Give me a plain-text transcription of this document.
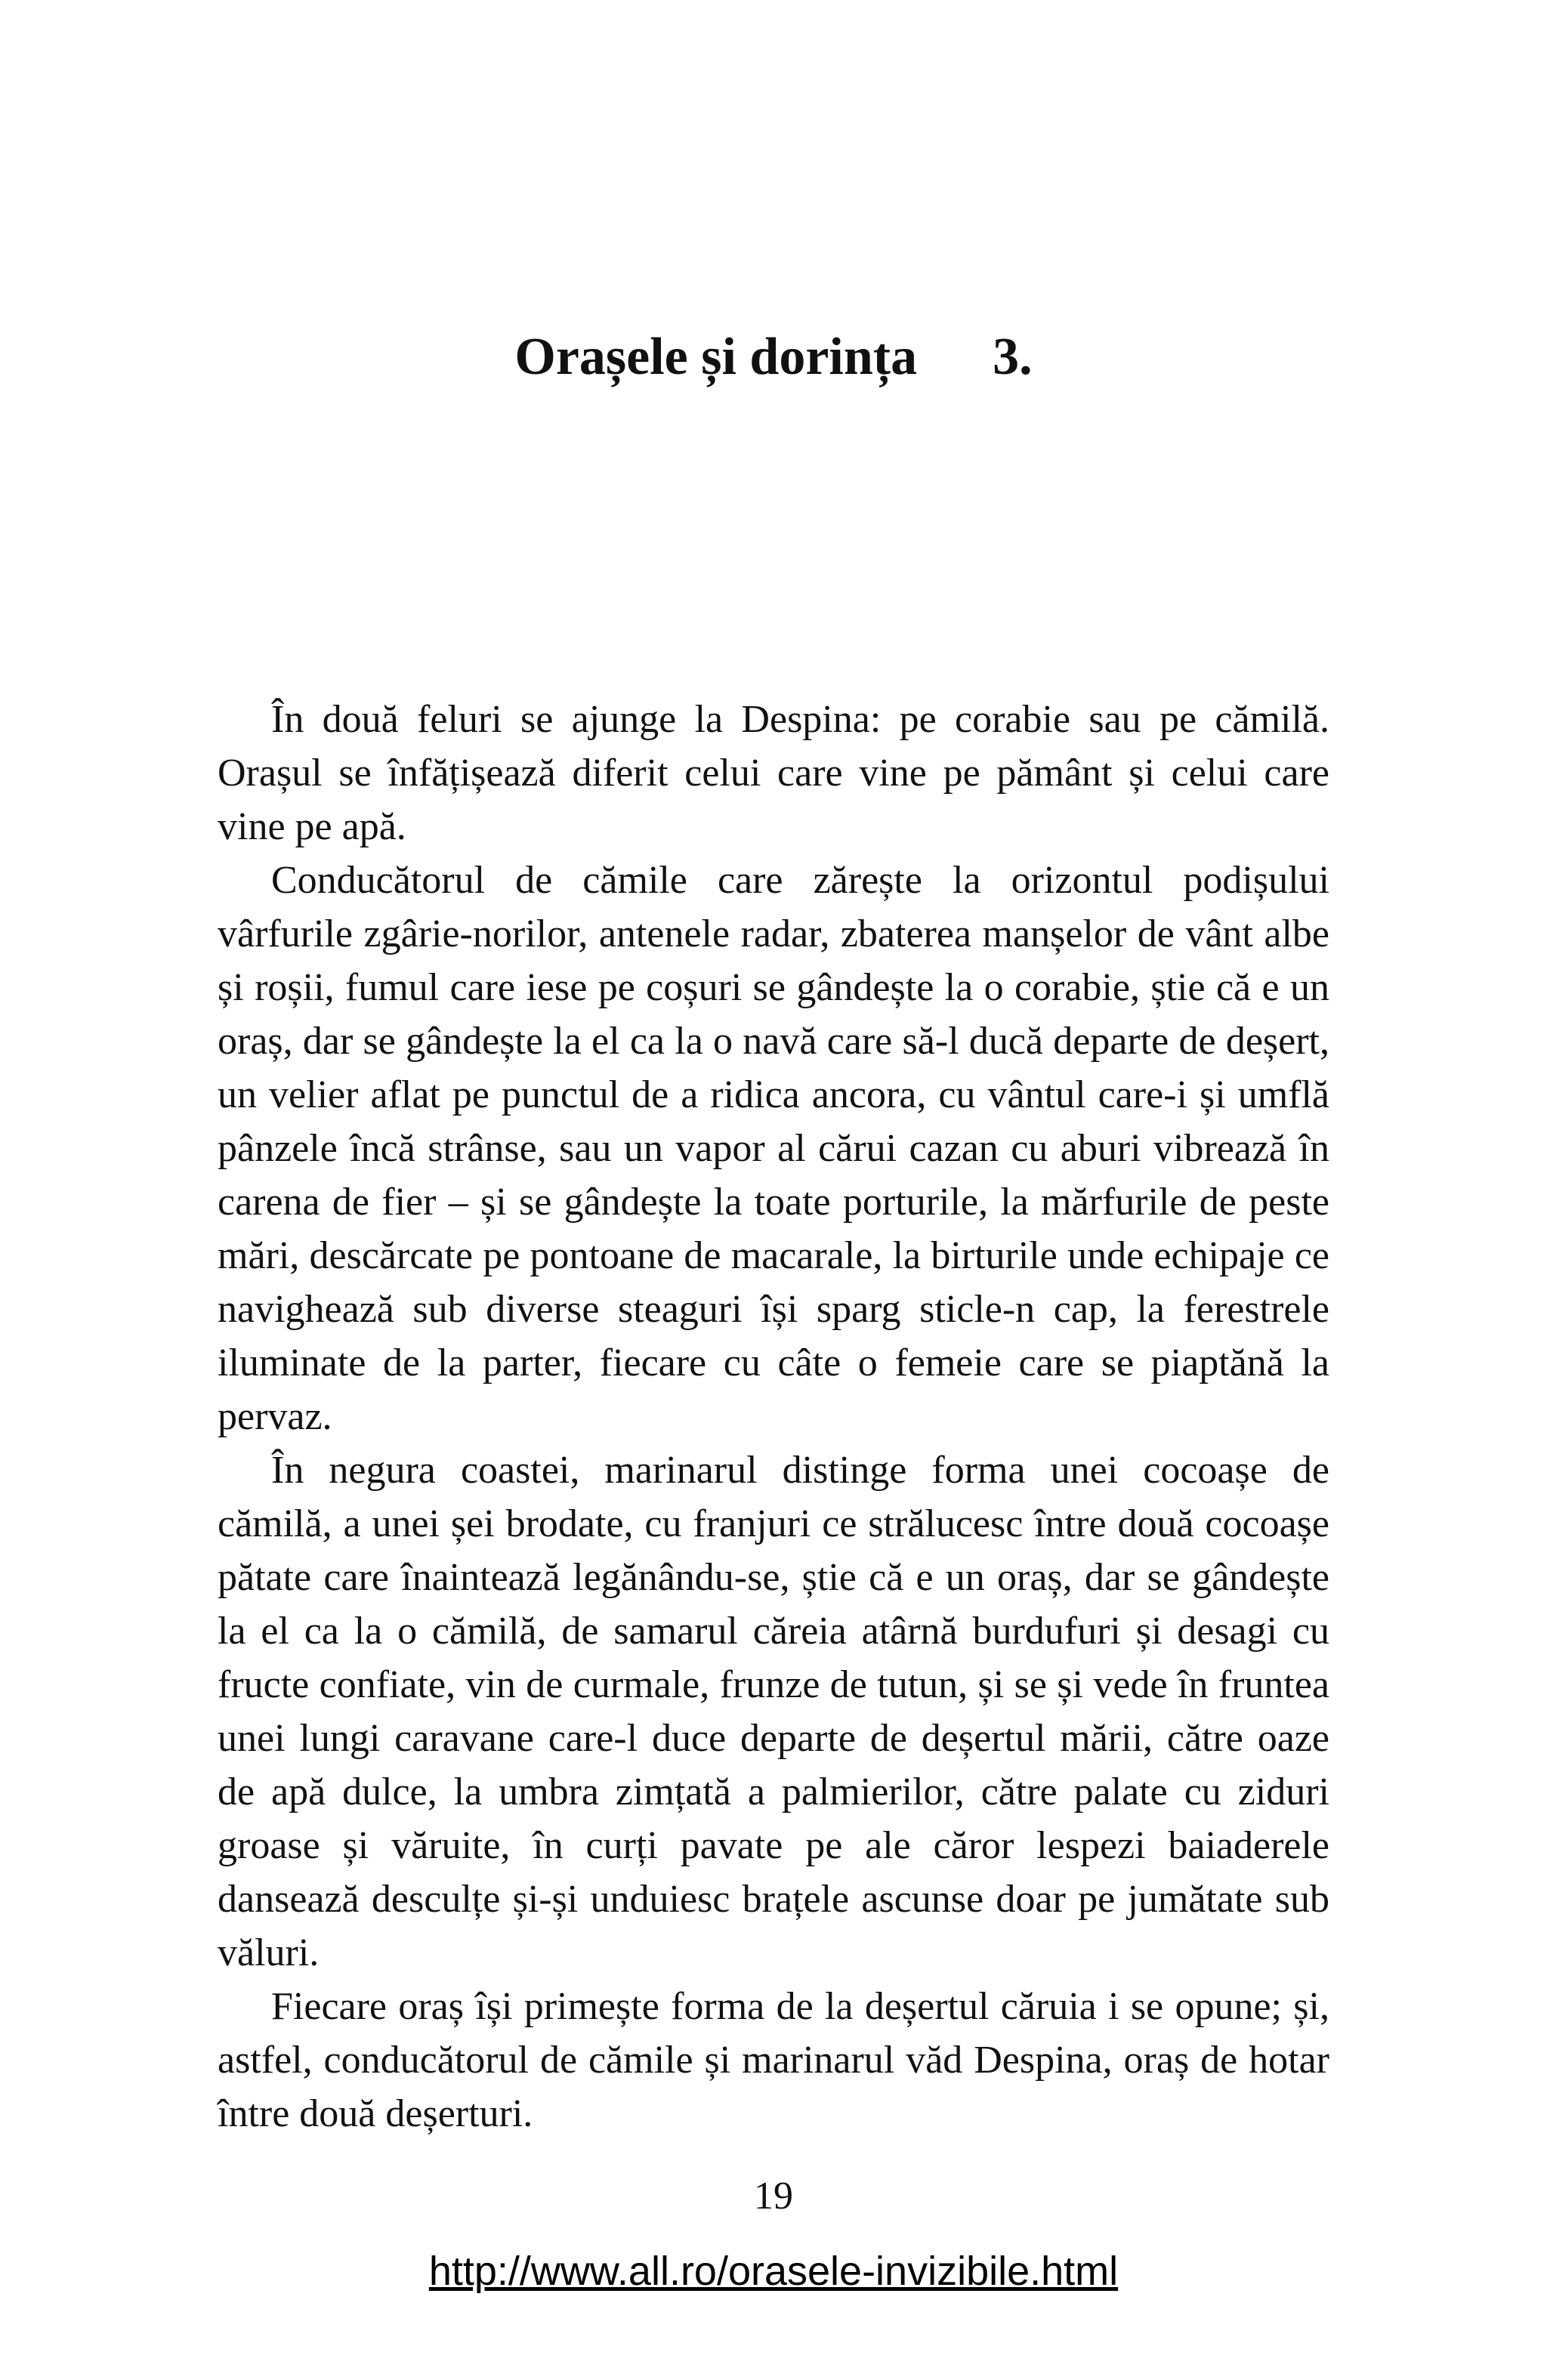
Orașele și dorința 3.

În două feluri se ajunge la Despina: pe corabie sau pe cămilă. Orașul se înfățișează diferit celui care vine pe pământ și celui care vine pe apă.

Conducătorul de cămile care zărește la orizontul podișului vârfurile zgârie-norilor, antenele radar, zbaterea manșelor de vânt albe și roșii, fumul care iese pe coșuri se gândește la o corabie, știe că e un oraș, dar se gândește la el ca la o navă care să-l ducă departe de deșert, un velier aflat pe punctul de a ridica ancora, cu vântul care-i și umflă pânzele încă strânse, sau un vapor al cărui cazan cu aburi vibrează în carena de fier – și se gândește la toate porturile, la mărfurile de peste mări, descărcate pe pontoane de macarale, la birturile unde echipaje ce navighează sub diverse steaguri își sparg sticle-n cap, la ferestrele iluminate de la parter, fiecare cu câte o femeie care se piaptănă la pervaz.

În negura coastei, marinarul distinge forma unei cocoașe de cămilă, a unei șei brodate, cu franjuri ce strălucesc între două cocoașe pătate care înaintează legănându-se, știe că e un oraș, dar se gândește la el ca la o cămilă, de samarul căreia atârnă burdufuri și desagi cu fructe confiate, vin de curmale, frunze de tutun, și se și vede în fruntea unei lungi caravane care-l duce departe de deșertul mării, către oaze de apă dulce, la umbra zimțată a palmierilor, către palate cu ziduri groase și văruite, în curți pavate pe ale căror lespezi baiaderele dansează desculțe și-și unduiesc brațele ascunse doar pe jumătate sub văluri.

Fiecare oraș își primește forma de la deșertul căruia i se opune; și, astfel, conducătorul de cămile și marinarul văd Despina, oraș de hotar între două deșerturi.

19
http://www.all.ro/orasele-invizibile.html
